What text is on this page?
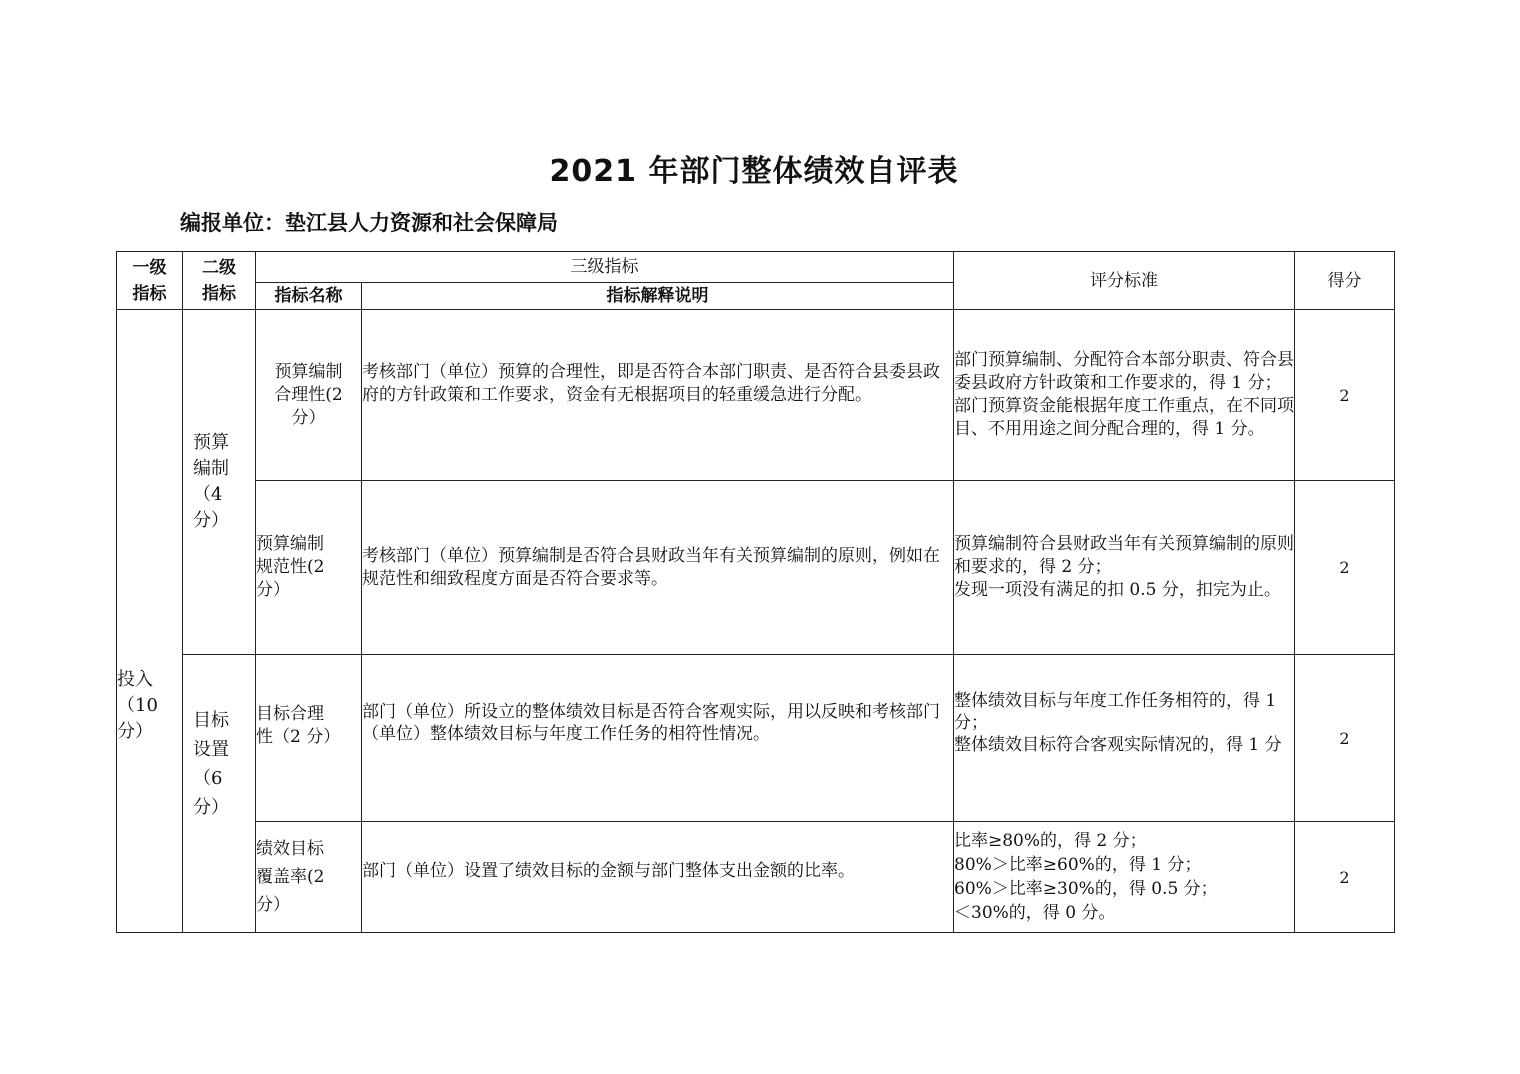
2021 年部门整体绩效自评表
编报单位：垫江县人力资源和社会保障局
一级
指标	二级
指标	三级指标		评分标准	得分
		指标名称	指标解释说明		
投入
（10
分）	预算
编制
（4
分）	预算编制
合理性(2
分）	考核部门（单位）预算的合理性，即是否符合本部门职责、是否符合县委县政府的方针政策和工作要求，资金有无根据项目的轻重缓急进行分配。	部门预算编制、分配符合本部分职责、符合县委县政府方针政策和工作要求的，得 1 分；
部门预算资金能根据年度工作重点，在不同项目、不用用途之间分配合理的，得 1 分。	2
		预算编制
规范性(2
分）	考核部门（单位）预算编制是否符合县财政当年有关预算编制的原则，例如在规范性和细致程度方面是否符合要求等。	预算编制符合县财政当年有关预算编制的原则和要求的，得 2 分；
发现一项没有满足的扣 0.5 分，扣完为止。	2
	目标
设置
（6
分）	目标合理
性（2 分）	部门（单位）所设立的整体绩效目标是否符合客观实际，用以反映和考核部门（单位）整体绩效目标与年度工作任务的相符性情况。	整体绩效目标与年度工作任务相符的，得 1 分；
整体绩效目标符合客观实际情况的，得 1 分	2
		绩效目标
覆盖率(2
分）	部门（单位）设置了绩效目标的金额与部门整体支出金额的比率。	比率≥80%的，得 2 分；
80%＞比率≥60%的，得 1 分；
60%＞比率≥30%的，得 0.5 分；
＜30%的，得 0 分。	2
